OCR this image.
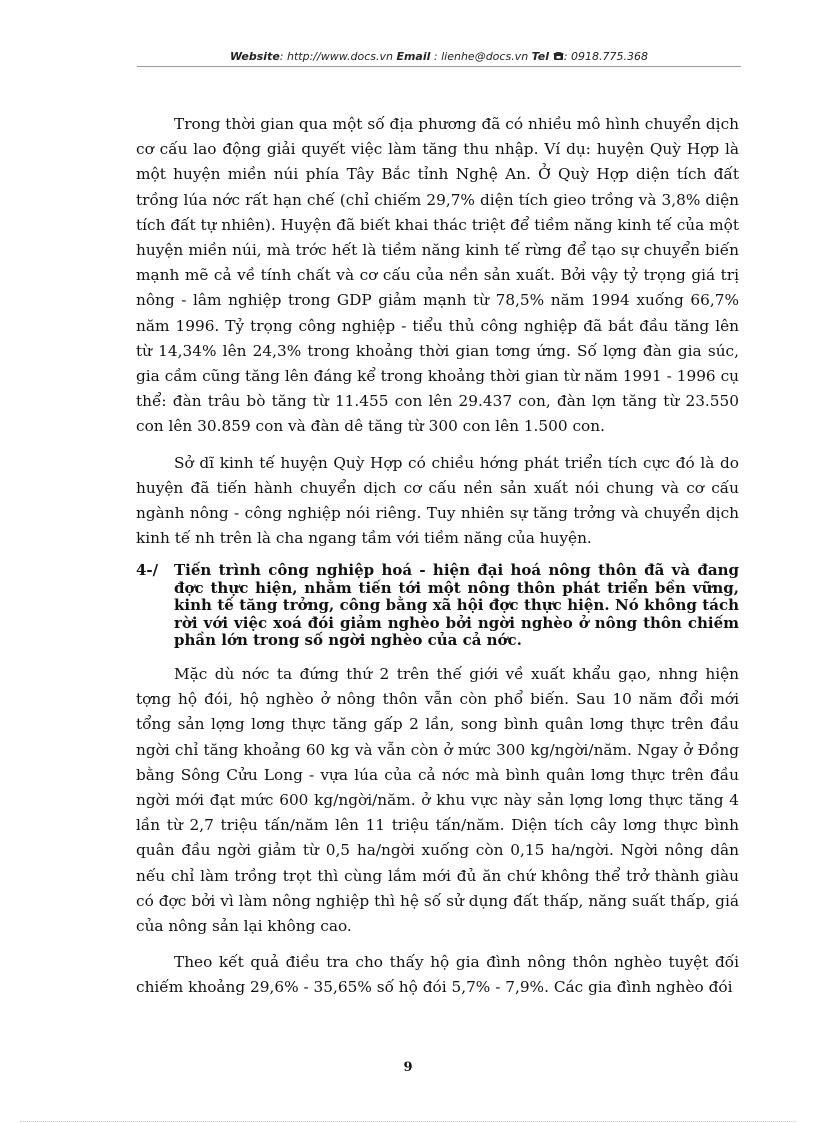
Website: http://www.docs.vn Email : lienhe@docs.vn Tel : 0918.775.368

Trong thời gian qua một số địa phương đã có nhiều mô hình chuyển dịch cơ cấu lao động giải quyết việc làm tăng thu nhập. Ví dụ: huyện Quỳ Hợp là một huyện miền núi phía Tây Bắc tỉnh Nghệ An. Ở Quỳ Hợp diện tích đất trồng lúa nớc rất hạn chế (chỉ chiếm 29,7% diện tích gieo trồng và 3,8% diện tích đất tự nhiên). Huyện đã biết khai thác triệt để tiềm năng kinh tế của một huyện miền núi, mà trớc hết là tiềm năng kinh tế rừng để tạo sự chuyển biến mạnh mẽ cả về tính chất và cơ cấu của nền sản xuất. Bởi vậy tỷ trọng giá trị nông - lâm nghiệp trong GDP giảm mạnh từ 78,5% năm 1994 xuống 66,7% năm 1996. Tỷ trọng công nghiệp - tiểu thủ công nghiệp đã bắt đầu tăng lên từ 14,34% lên 24,3% trong khoảng thời gian tơng ứng. Số lợng đàn gia súc, gia cầm cũng tăng lên đáng kể trong khoảng thời gian từ năm 1991 - 1996 cụ thể: đàn trâu bò tăng từ 11.455 con lên 29.437 con, đàn lợn tăng từ 23.550 con lên 30.859 con và đàn dê tăng từ 300 con lên 1.500 con.

Sở dĩ kinh tế huyện Quỳ Hợp có chiều hớng phát triển tích cực đó là do huyện đã tiến hành chuyển dịch cơ cấu nền sản xuất nói chung và cơ cấu ngành nông - công nghiệp nói riêng. Tuy nhiên sự tăng trởng và chuyển dịch kinh tế nh trên là cha ngang tầm với tiềm năng của huyện.

4-/	Tiến trình công nghiệp hoá - hiện đại hoá nông thôn đã và đang đợc thực hiện, nhằm tiến tới một nông thôn phát triển bền vững, kinh tế tăng trởng, công bằng xã hội đợc thực hiện. Nó không tách rời với việc xoá đói giảm nghèo bởi ngời nghèo ở nông thôn chiếm phần lớn trong số ngời nghèo của cả nớc.

Mặc dù nớc ta đứng thứ 2 trên thế giới về xuất khẩu gạo, nhng hiện tợng hộ đói, hộ nghèo ở nông thôn vẫn còn phổ biến. Sau 10 năm đổi mới tổng sản lợng lơng thực tăng gấp 2 lần, song bình quân lơng thực trên đầu ngời chỉ tăng khoảng 60 kg và vẫn còn ở mức 300 kg/ngời/năm. Ngay ở Đồng bằng Sông Cửu Long - vựa lúa của cả nớc mà bình quân lơng thực trên đầu ngời mới đạt mức 600 kg/ngời/năm. ở khu vực này sản lợng lơng thực tăng 4 lần từ 2,7 triệu tấn/năm lên 11 triệu tấn/năm. Diện tích cây lơng thực bình quân đầu ngời giảm từ 0,5 ha/ngời xuống còn 0,15 ha/ngời. Ngời nông dân nếu chỉ làm trồng trọt thì cùng lắm mới đủ ăn chứ không thể trở thành giàu có đợc bởi vì làm nông nghiệp thì hệ số sử dụng đất thấp, năng suất thấp, giá của nông sản lại không cao.

Theo kết quả điều tra cho thấy hộ gia đình nông thôn nghèo tuyệt đối chiếm khoảng 29,6% - 35,65% số hộ đói 5,7% - 7,9%. Các gia đình nghèo đói

9
